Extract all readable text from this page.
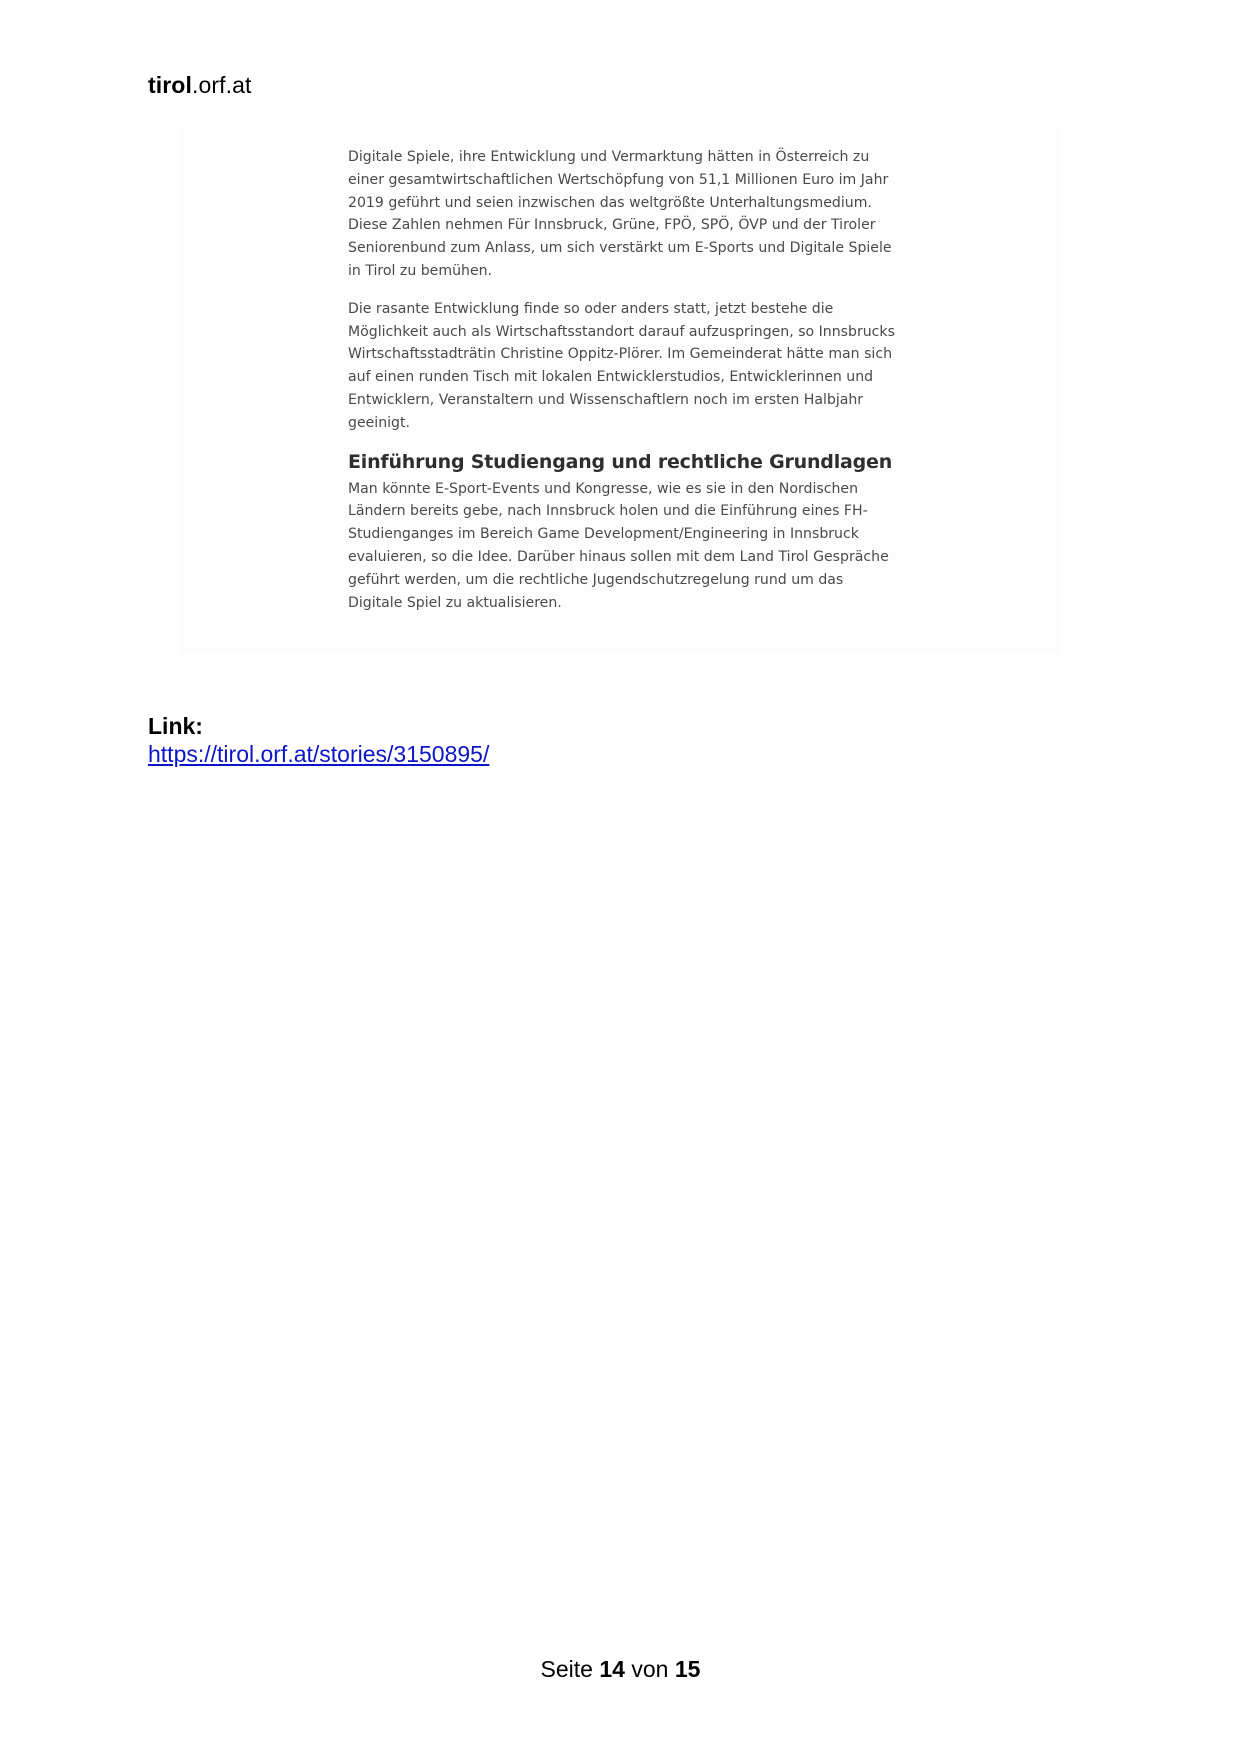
tirol.orf.at

Digitale Spiele, ihre Entwicklung und Vermarktung hätten in Österreich zu einer gesamtwirtschaftlichen Wertschöpfung von 51,1 Millionen Euro im Jahr 2019 geführt und seien inzwischen das weltgrößte Unterhaltungsmedium. Diese Zahlen nehmen Für Innsbruck, Grüne, FPÖ, SPÖ, ÖVP und der Tiroler Seniorenbund zum Anlass, um sich verstärkt um E-Sports und Digitale Spiele in Tirol zu bemühen.

Die rasante Entwicklung finde so oder anders statt, jetzt bestehe die Möglichkeit auch als Wirtschaftsstandort darauf aufzuspringen, so Innsbrucks Wirtschaftsstadträtin Christine Oppitz-Plörer. Im Gemeinderat hätte man sich auf einen runden Tisch mit lokalen Entwicklerstudios, Entwicklerinnen und Entwicklern, Veranstaltern und Wissenschaftlern noch im ersten Halbjahr geeinigt.

Einführung Studiengang und rechtliche Grundlagen

Man könnte E-Sport-Events und Kongresse, wie es sie in den Nordischen Ländern bereits gebe, nach Innsbruck holen und die Einführung eines FH-Studienganges im Bereich Game Development/Engineering in Innsbruck evaluieren, so die Idee. Darüber hinaus sollen mit dem Land Tirol Gespräche geführt werden, um die rechtliche Jugendschutzregelung rund um das Digitale Spiel zu aktualisieren.

Link:
https://tirol.orf.at/stories/3150895/
Seite 14 von 15
